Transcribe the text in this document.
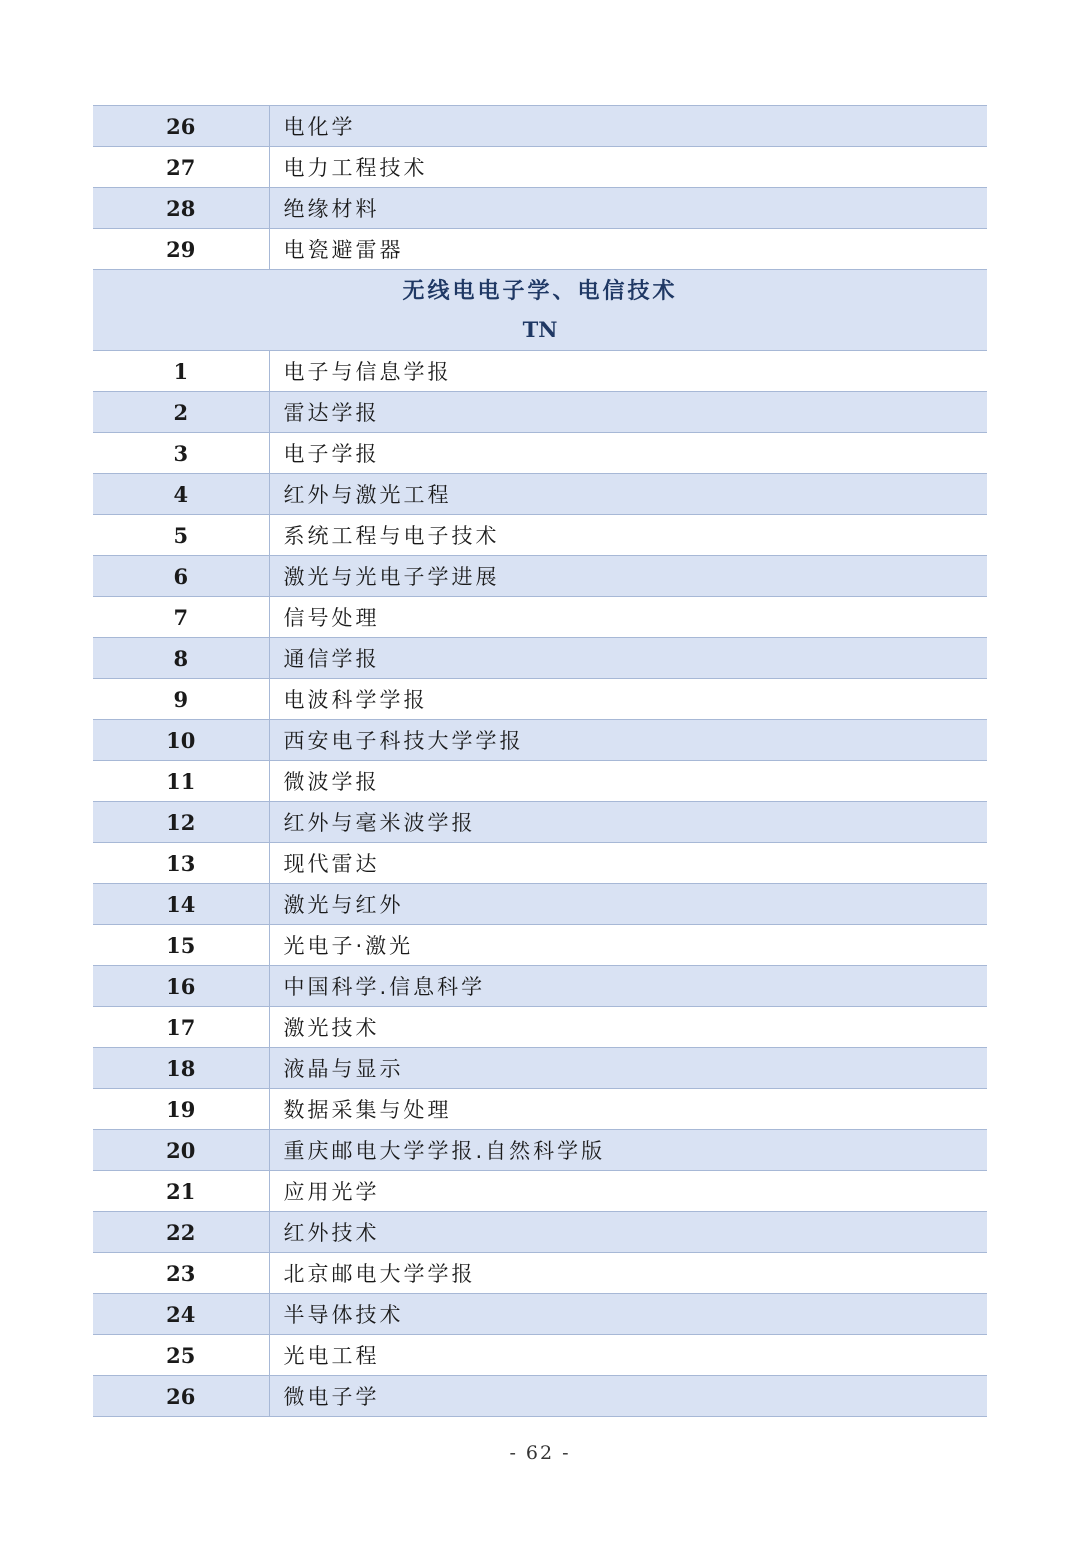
26	电化学
27	电力工程技术
28	绝缘材料
29	电瓷避雷器

无线电电子学、电信技术
TN	

1	电子与信息学报
2	雷达学报
3	电子学报
4	红外与激光工程
5	系统工程与电子技术
6	激光与光电子学进展
7	信号处理
8	通信学报
9	电波科学学报
10	西安电子科技大学学报
11	微波学报
12	红外与毫米波学报
13	现代雷达
14	激光与红外
15	光电子·激光
16	中国科学.信息科学
17	激光技术
18	液晶与显示
19	数据采集与处理
20	重庆邮电大学学报.自然科学版
21	应用光学
22	红外技术
23	北京邮电大学学报
24	半导体技术
25	光电工程
26	微电子学
- 62 -
